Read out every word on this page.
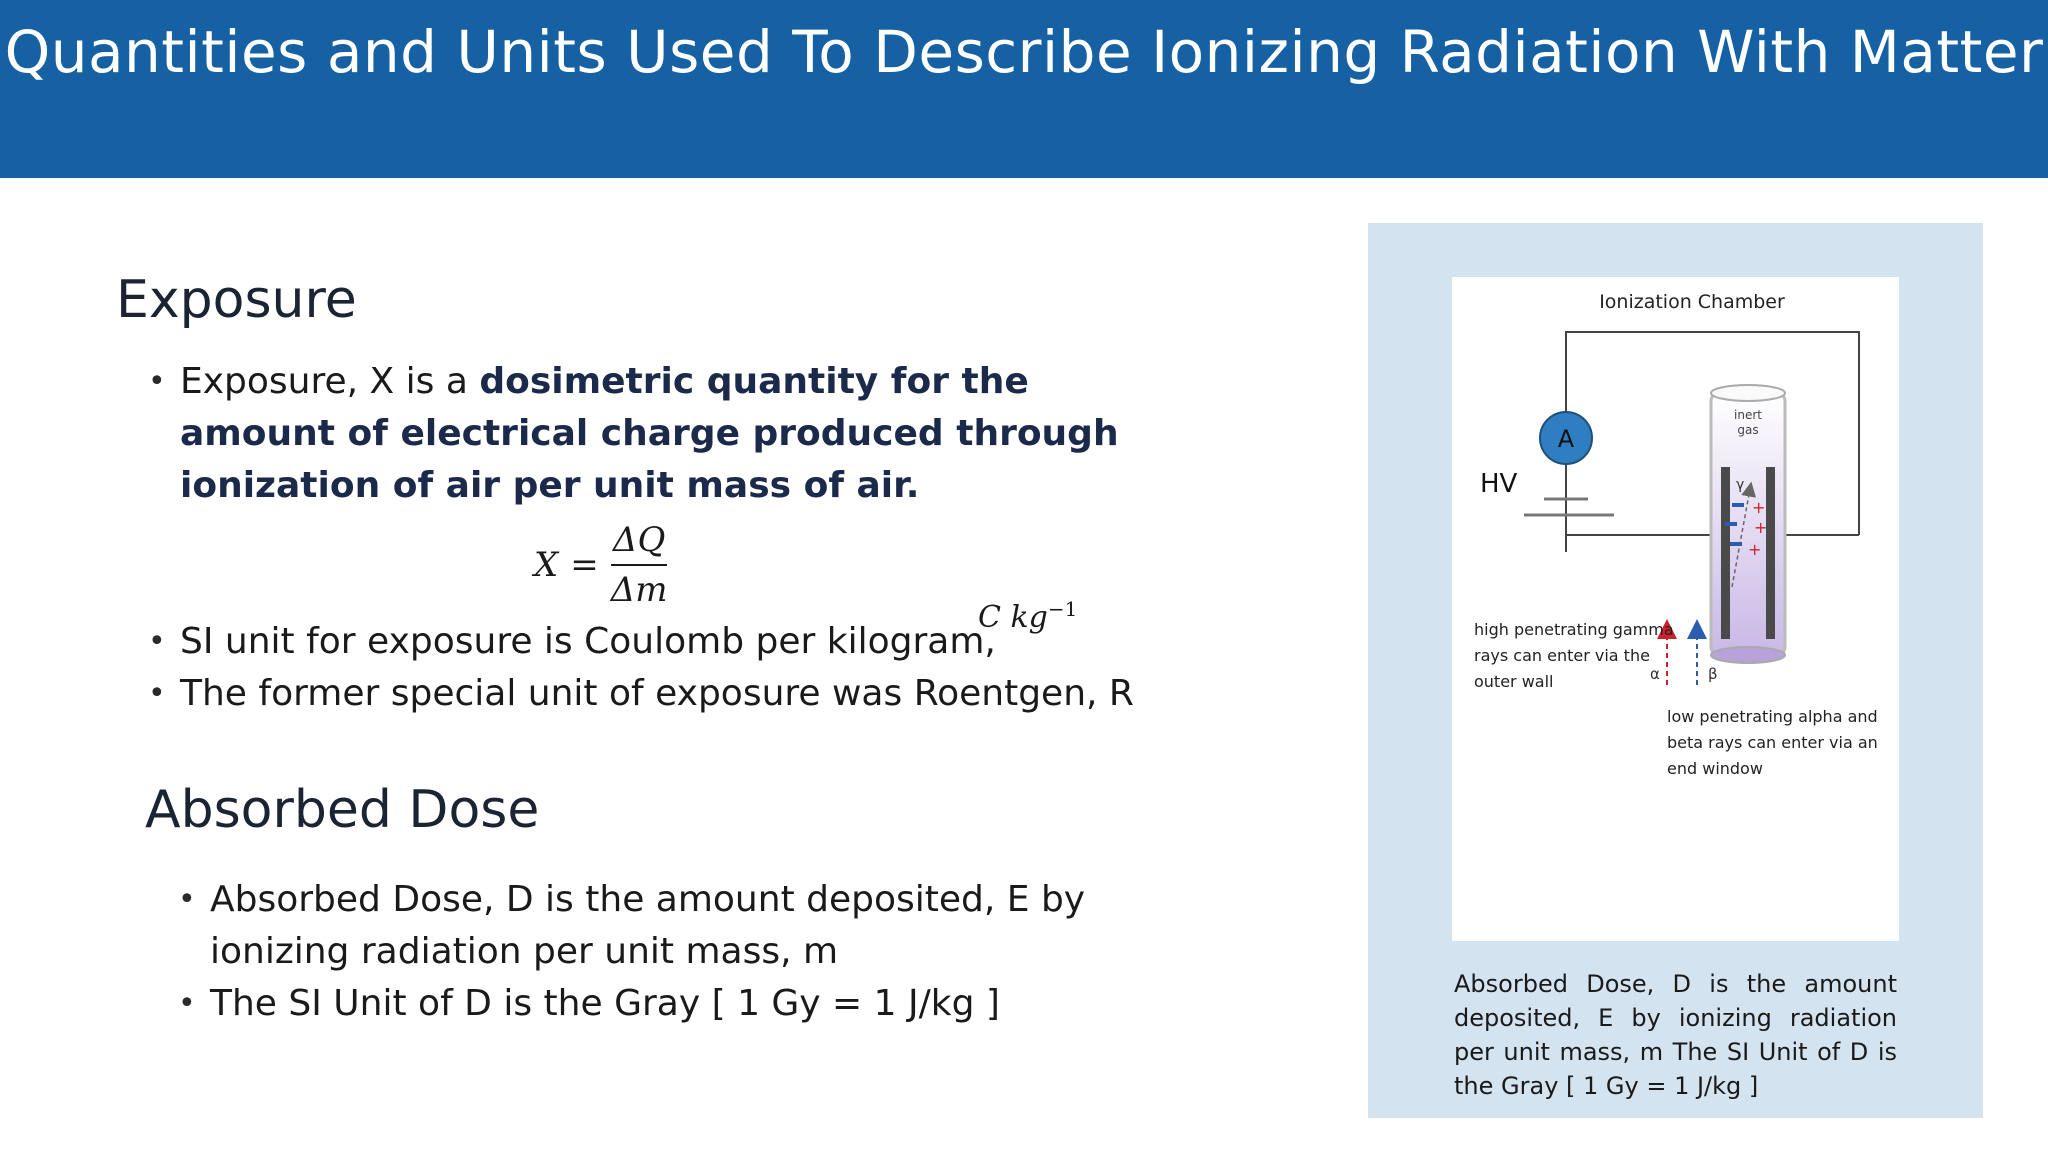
Quantities and Units Used To Describe Ionizing Radiation With Matter
Exposure
• Exposure, X is a dosimetric quantity for the amount of electrical charge produced through ionization of air per unit mass of air.
$X = \frac{\Delta Q}{\Delta m}$
• SI unit for exposure is Coulomb per kilogram,
• The former special unit of exposure was Roentgen, R
C $kg^{-1}$
Absorbed Dose
• Absorbed Dose, D is the amount deposited, E by ionizing radiation per unit mass, m
• The SI Unit of D is the Gray [ 1 Gy = 1 J/kg ]
Ionization Chamber
A
HV
inert
gas
γ
+
+
+
α	β
high penetrating gamma
rays can enter via the
outer wall
low penetrating alpha and
beta rays can enter via an
end window
Absorbed Dose, D is the amount deposited, E by ionizing radiation per unit mass, m The SI Unit of D is the Gray [ 1 Gy = 1 J/kg ]
